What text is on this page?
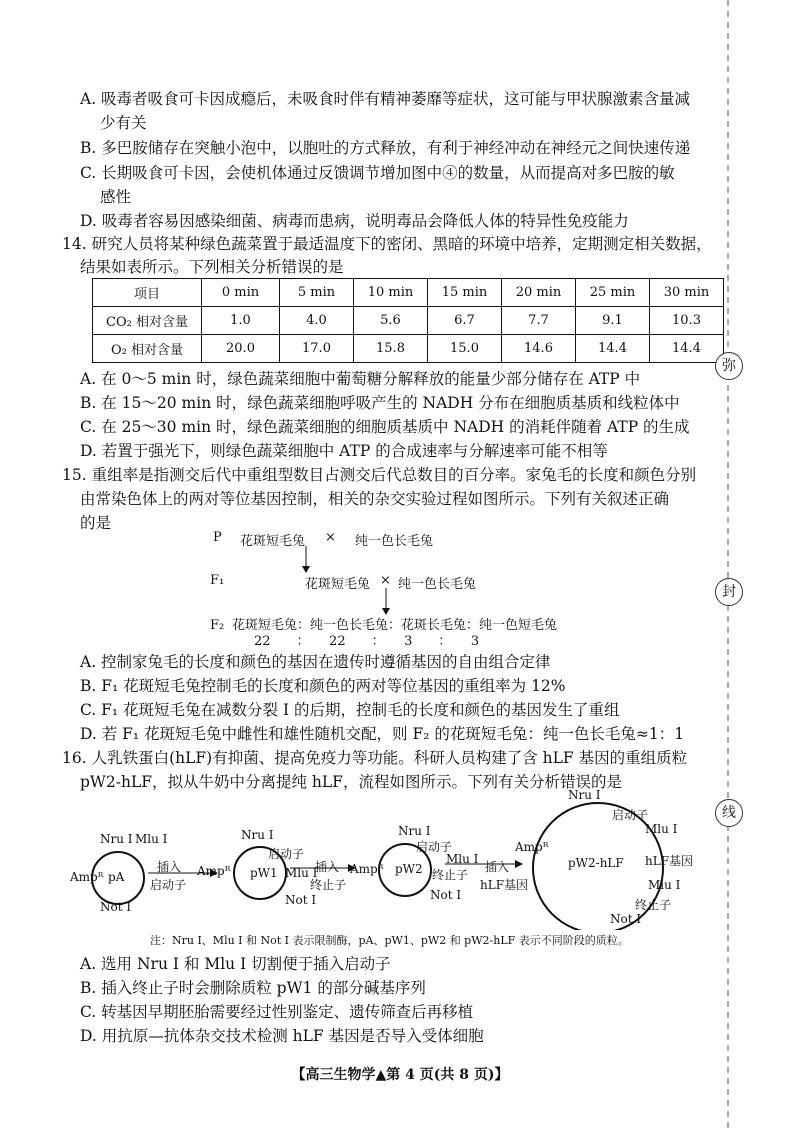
A. 吸毒者吸食可卡因成瘾后，未吸食时伴有精神萎靡等症状，这可能与甲状腺激素含量减
少有关
B. 多巴胺储存在突触小泡中，以胞吐的方式释放，有利于神经冲动在神经元之间快速传递
C. 长期吸食可卡因，会使机体通过反馈调节增加图中④的数量，从而提高对多巴胺的敏
感性
D. 吸毒者容易因感染细菌、病毒而患病，说明毒品会降低人体的特异性免疫能力
14. 研究人员将某种绿色蔬菜置于最适温度下的密闭、黑暗的环境中培养，定期测定相关数据，
结果如表所示。下列相关分析错误的是
项目	0 min	5 min	10 min	15 min	20 min	25 min	30 min
CO₂ 相对含量	1.0	4.0	5.6	6.7	7.7	9.1	10.3
O₂ 相对含量	20.0	17.0	15.8	15.0	14.6	14.4	14.4
A. 在 0～5 min 时，绿色蔬菜细胞中葡萄糖分解释放的能量少部分储存在 ATP 中
B. 在 15～20 min 时，绿色蔬菜细胞呼吸产生的 NADH 分布在细胞质基质和线粒体中
C. 在 25～30 min 时，绿色蔬菜细胞的细胞质基质中 NADH 的消耗伴随着 ATP 的生成
D. 若置于强光下，则绿色蔬菜细胞中 ATP 的合成速率与分解速率可能不相等
15. 重组率是指测交后代中重组型数目占测交后代总数目的百分率。家兔毛的长度和颜色分别
由常染色体上的两对等位基因控制，相关的杂交实验过程如图所示。下列有关叙述正确
的是
P 花斑短毛兔 × 纯一色长毛兔
F₁	花斑短毛兔 × 纯一色长毛兔
F₂ 花斑短毛兔：纯一色长毛兔：花斑长毛兔：纯一色短毛兔
22　　：　　22　　：　　3　　：　　3
A. 控制家兔毛的长度和颜色的基因在遗传时遵循基因的自由组合定律
B. F₁ 花斑短毛兔控制毛的长度和颜色的两对等位基因的重组率为 12%
C. F₁ 花斑短毛兔在减数分裂 Ⅰ 的后期，控制毛的长度和颜色的基因发生了重组
D. 若 F₁ 花斑短毛兔中雌性和雄性随机交配，则 F₂ 的花斑短毛兔：纯一色长毛兔≈1：1
16. 人乳铁蛋白(hLF)有抑菌、提高免疫力等功能。科研人员构建了含 hLF 基因的重组质粒
pW2-hLF，拟从牛奶中分离提纯 hLF，流程如图所示。下列有关分析错误的是
Nru Ⅰ Mlu Ⅰ
Ampᴿ pA
Not Ⅰ
插入
启动子
Ampᴿ
Nru Ⅰ
启动子
pW1 Mlu Ⅰ
Not Ⅰ
插入
终止子
Ampᴿ
Nru Ⅰ
启动子
pW2
Mlu Ⅰ
终止子
Not Ⅰ
插入
hLF基因
Nru Ⅰ
启动子
Mlu Ⅰ
Ampᴿ
pW2-hLF hLF基因
Mlu Ⅰ
终止子
Not Ⅰ
注：Nru Ⅰ、Mlu Ⅰ 和 Not Ⅰ 表示限制酶，pA、pW1、pW2 和 pW2-hLF 表示不同阶段的质粒。
A. 选用 Nru Ⅰ 和 Mlu Ⅰ 切割便于插入启动子
B. 插入终止子时会删除质粒 pW1 的部分碱基序列
C. 转基因早期胚胎需要经过性别鉴定、遗传筛查后再移植
D. 用抗原—抗体杂交技术检测 hLF 基因是否导入受体细胞
弥
封
线
【高三生物学▲第 4 页(共 8 页)】
